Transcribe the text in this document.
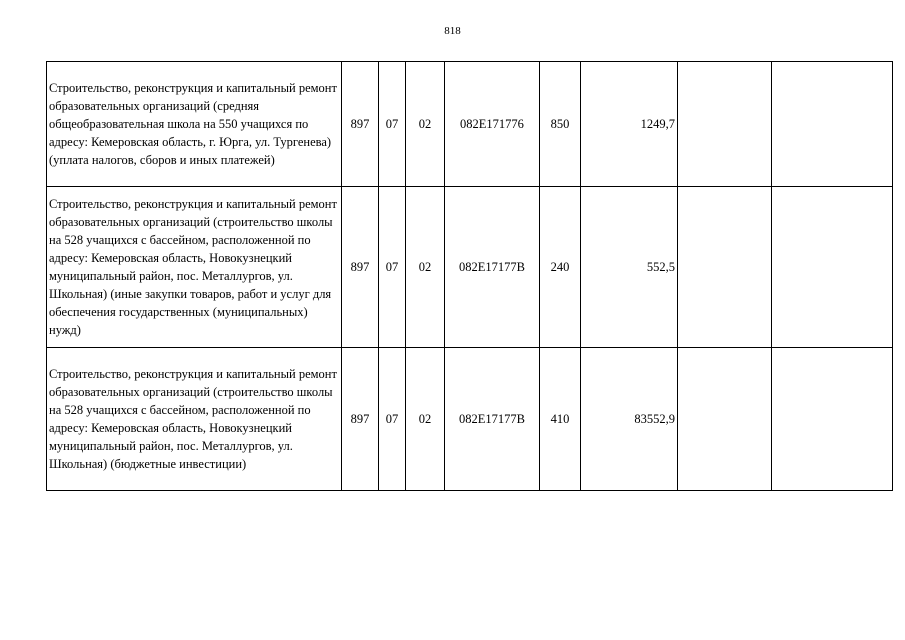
818
Строительство, реконструкция и капитальный ремонт образовательных организаций (средняя общеобразовательная школа на 550 учащихся по адресу: Кемеровская область, г. Юрга, ул. Тургенева) (уплата налогов, сборов и иных платежей)	897	07	02	082E171776	850	1249,7		
Строительство, реконструкция и капитальный ремонт образовательных организаций (строительство школы на 528 учащихся с бассейном, расположенной по адресу: Кемеровская область, Новокузнецкий муниципальный район, пос. Металлургов, ул. Школьная) (иные закупки товаров, работ и услуг для обеспечения государственных (муниципальных) нужд)	897	07	02	082E17177B	240	552,5		
Строительство, реконструкция и капитальный ремонт образовательных организаций (строительство школы на 528 учащихся с бассейном, расположенной по адресу: Кемеровская область, Новокузнецкий муниципальный район, пос. Металлургов, ул. Школьная) (бюджетные инвестиции)	897	07	02	082E17177B	410	83552,9		
